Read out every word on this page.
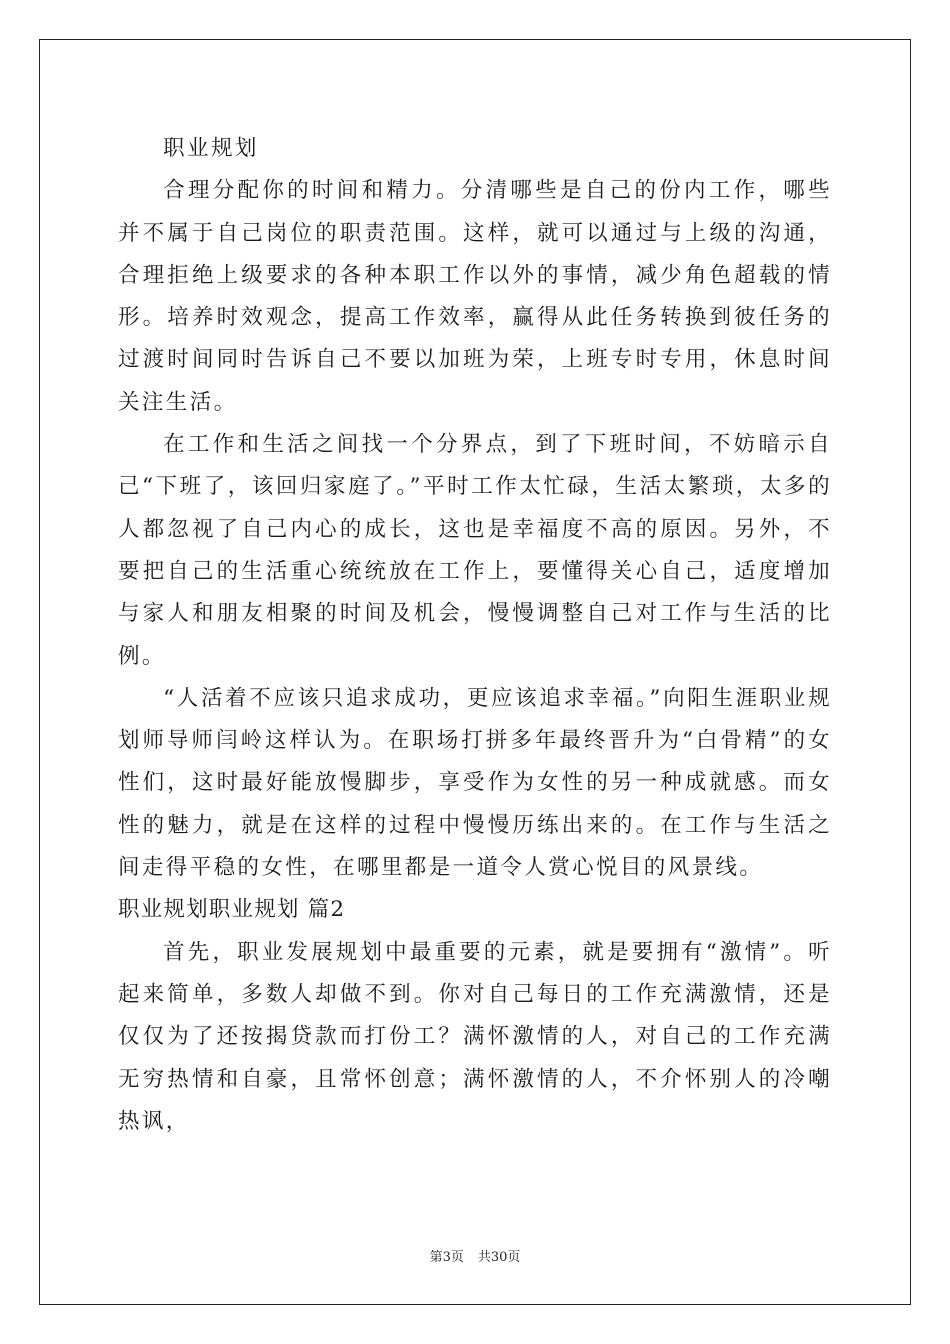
职业规划

合理分配你的时间和精力。分清哪些是自己的份内工作，哪些并不属于自己岗位的职责范围。这样，就可以通过与上级的沟通，合理拒绝上级要求的各种本职工作以外的事情，减少角色超载的情形。培养时效观念，提高工作效率，赢得从此任务转换到彼任务的过渡时间同时告诉自己不要以加班为荣，上班专时专用，休息时间关注生活。

在工作和生活之间找一个分界点，到了下班时间，不妨暗示自己“下班了，该回归家庭了。”平时工作太忙碌，生活太繁琐，太多的人都忽视了自己内心的成长，这也是幸福度不高的原因。另外，不要把自己的生活重心统统放在工作上，要懂得关心自己，适度增加与家人和朋友相聚的时间及机会，慢慢调整自己对工作与生活的比例。

“人活着不应该只追求成功，更应该追求幸福。”向阳生涯职业规划师导师闫岭这样认为。在职场打拼多年最终晋升为“白骨精”的女性们，这时最好能放慢脚步，享受作为女性的另一种成就感。而女性的魅力，就是在这样的过程中慢慢历练出来的。在工作与生活之间走得平稳的女性，在哪里都是一道令人赏心悦目的风景线。

职业规划职业规划 篇2

首先，职业发展规划中最重要的元素，就是要拥有“激情”。听起来简单，多数人却做不到。你对自己每日的工作充满激情，还是仅仅为了还按揭贷款而打份工？满怀激情的人，对自己的工作充满无穷热情和自豪，且常怀创意；满怀激情的人，不介怀别人的冷嘲热讽，

第3页 共30页
